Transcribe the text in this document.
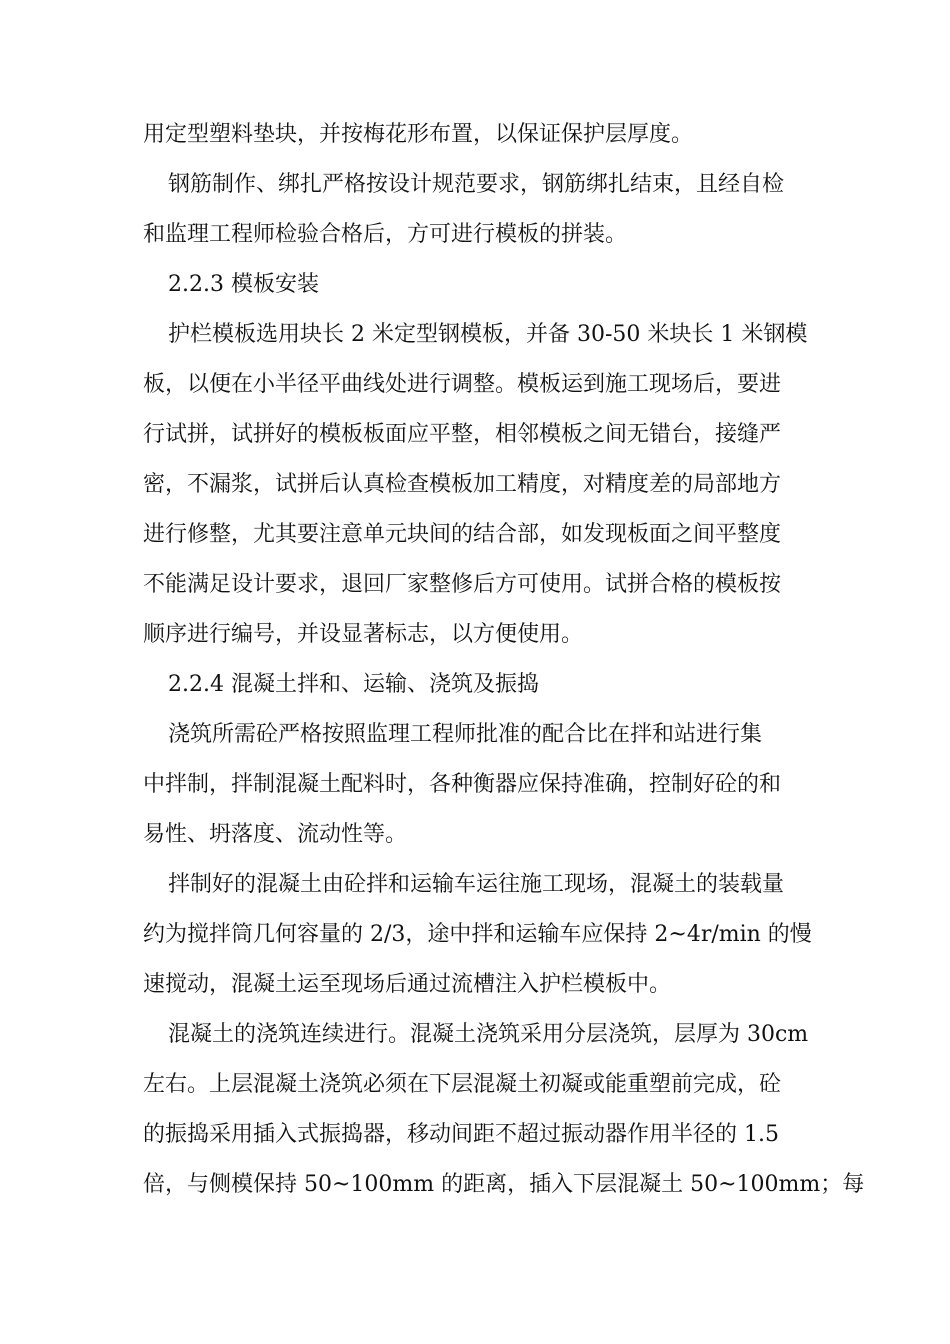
用定型塑料垫块，并按梅花形布置，以保证保护层厚度。
钢筋制作、绑扎严格按设计规范要求，钢筋绑扎结束，且经自检
和监理工程师检验合格后，方可进行模板的拼装。
2.2.3 模板安装
护栏模板选用块长 2 米定型钢模板，并备 30-50 米块长 1 米钢模
板，以便在小半径平曲线处进行调整。模板运到施工现场后，要进
行试拼，试拼好的模板板面应平整，相邻模板之间无错台，接缝严
密，不漏浆，试拼后认真检查模板加工精度，对精度差的局部地方
进行修整，尤其要注意单元块间的结合部，如发现板面之间平整度
不能满足设计要求，退回厂家整修后方可使用。试拼合格的模板按
顺序进行编号，并设显著标志，以方便使用。
2.2.4 混凝土拌和、运输、浇筑及振捣
浇筑所需砼严格按照监理工程师批准的配合比在拌和站进行集
中拌制，拌制混凝土配料时，各种衡器应保持准确，控制好砼的和
易性、坍落度、流动性等。
拌制好的混凝土由砼拌和运输车运往施工现场，混凝土的装载量
约为搅拌筒几何容量的 2/3，途中拌和运输车应保持 2~4r/min 的慢
速搅动，混凝土运至现场后通过流槽注入护栏模板中。
混凝土的浇筑连续进行。混凝土浇筑采用分层浇筑，层厚为 30cm
左右。上层混凝土浇筑必须在下层混凝土初凝或能重塑前完成，砼
的振捣采用插入式振捣器，移动间距不超过振动器作用半径的 1.5
倍，与侧模保持 50~100mm 的距离，插入下层混凝土 50~100mm；每
